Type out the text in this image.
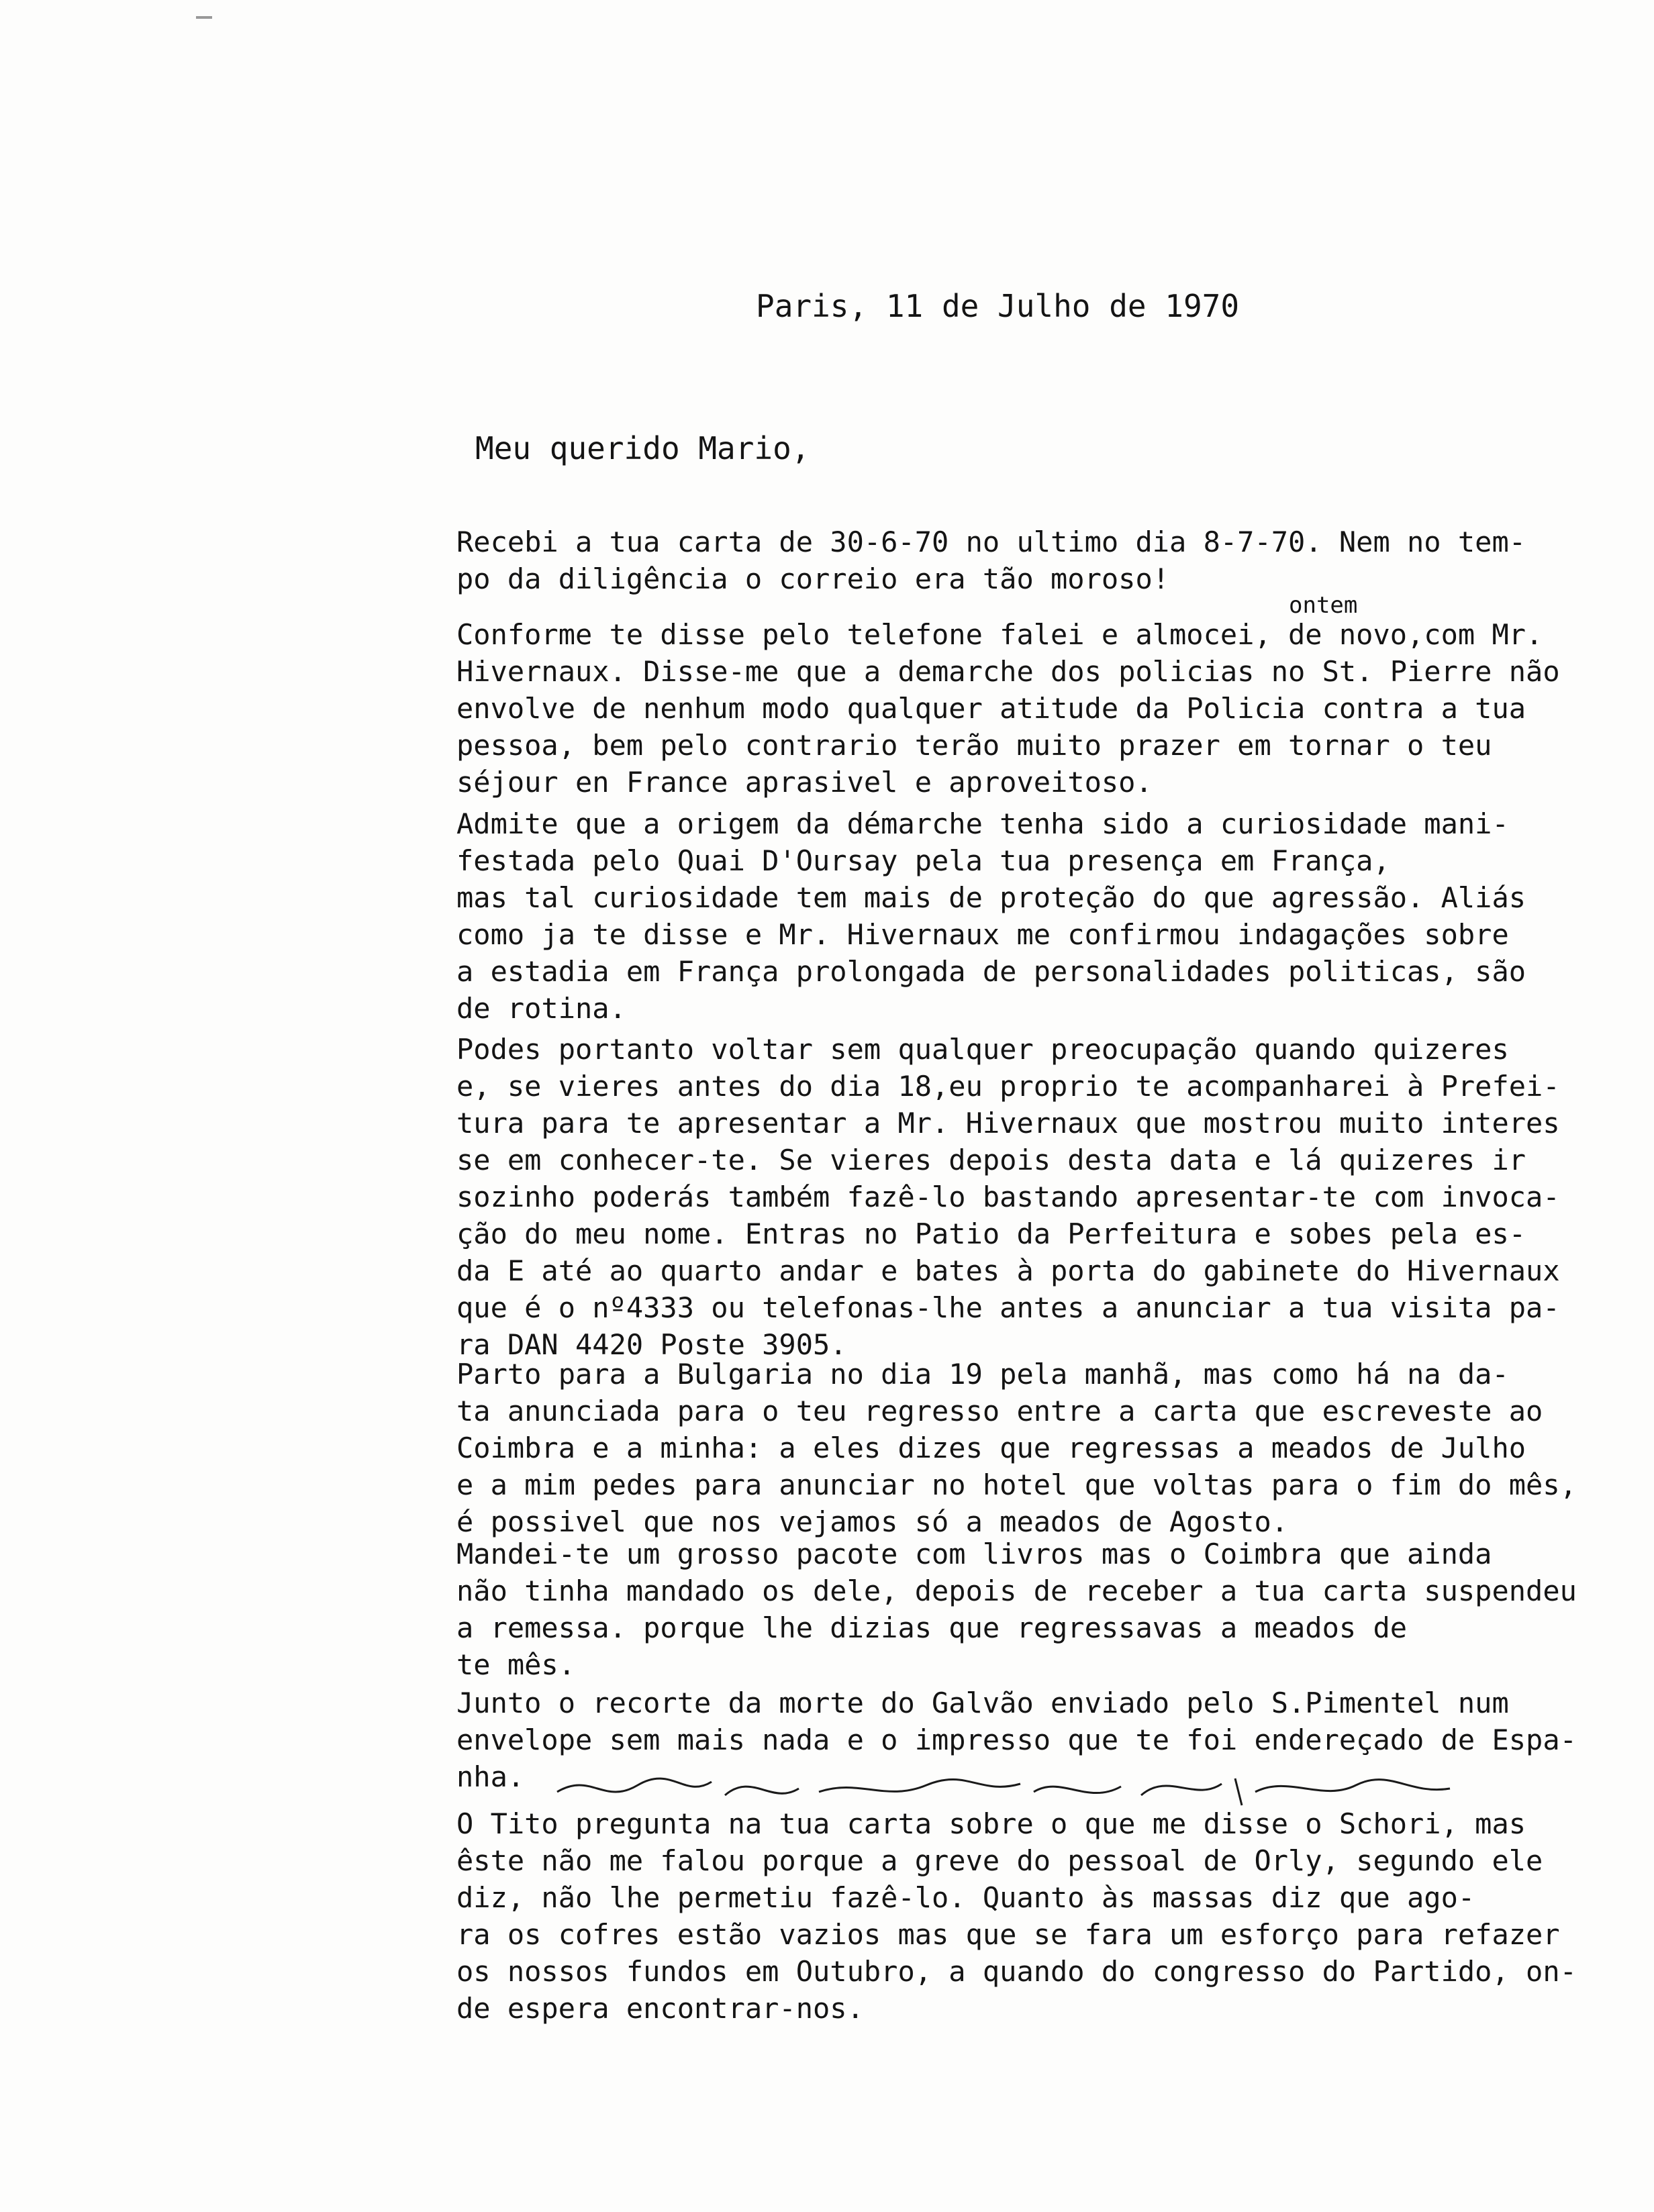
Paris, 11 de Julho de 1970
Meu querido Mario,
Recebi a tua carta de 30-6-70 no ultimo dia 8-7-70. Nem no tem-
po da diligência o correio era tão moroso!
ontem
Conforme te disse pelo telefone falei e almocei, de novo,com Mr.
Hivernaux. Disse-me que a demarche dos policias no St. Pierre não
envolve de nenhum modo qualquer atitude da Policia contra a tua
pessoa, bem pelo contrario terão muito prazer em tornar o teu
séjour en France aprasivel e aproveitoso.
Admite que a origem da démarche tenha sido a curiosidade mani-
festada pelo Quai D'Oursay pela tua presença em França,
mas tal curiosidade tem mais de proteção do que agressão. Aliás
como ja te disse e Mr. Hivernaux me confirmou indagações sobre
a estadia em França prolongada de personalidades politicas, são
de rotina.
Podes portanto voltar sem qualquer preocupação quando quizeres
e, se vieres antes do dia 18,eu proprio te acompanharei à Prefei-
tura para te apresentar a Mr. Hivernaux que mostrou muito interes
se em conhecer-te. Se vieres depois desta data e lá quizeres ir
sozinho poderás também fazê-lo bastando apresentar-te com invoca-
ção do meu nome. Entras no Patio da Perfeitura e sobes pela es-
da E até ao quarto andar e bates à porta do gabinete do Hivernaux
que é o nº4333 ou telefonas-lhe antes a anunciar a tua visita pa-
ra DAN 4420 Poste 3905.
Parto para a Bulgaria no dia 19 pela manhã, mas como há na da-
ta anunciada para o teu regresso entre a carta que escreveste ao
Coimbra e a minha: a eles dizes que regressas a meados de Julho
e a mim pedes para anunciar no hotel que voltas para o fim do mês,
é possivel que nos vejamos só a meados de Agosto.
Mandei-te um grosso pacote com livros mas o Coimbra que ainda
não tinha mandado os dele, depois de receber a tua carta suspendeu
a remessa. porque lhe dizias que regressavas a meados de
te mês.
Junto o recorte da morte do Galvão enviado pelo S.Pimentel num
envelope sem mais nada e o impresso que te foi endereçado de Espa-
nha.
O Tito pregunta na tua carta sobre o que me disse o Schori, mas
êste não me falou porque a greve do pessoal de Orly, segundo ele
diz, não lhe permetiu fazê-lo. Quanto às massas diz que ago-
ra os cofres estão vazios mas que se fara um esforço para refazer
os nossos fundos em Outubro, a quando do congresso do Partido, on-
de espera encontrar-nos.
